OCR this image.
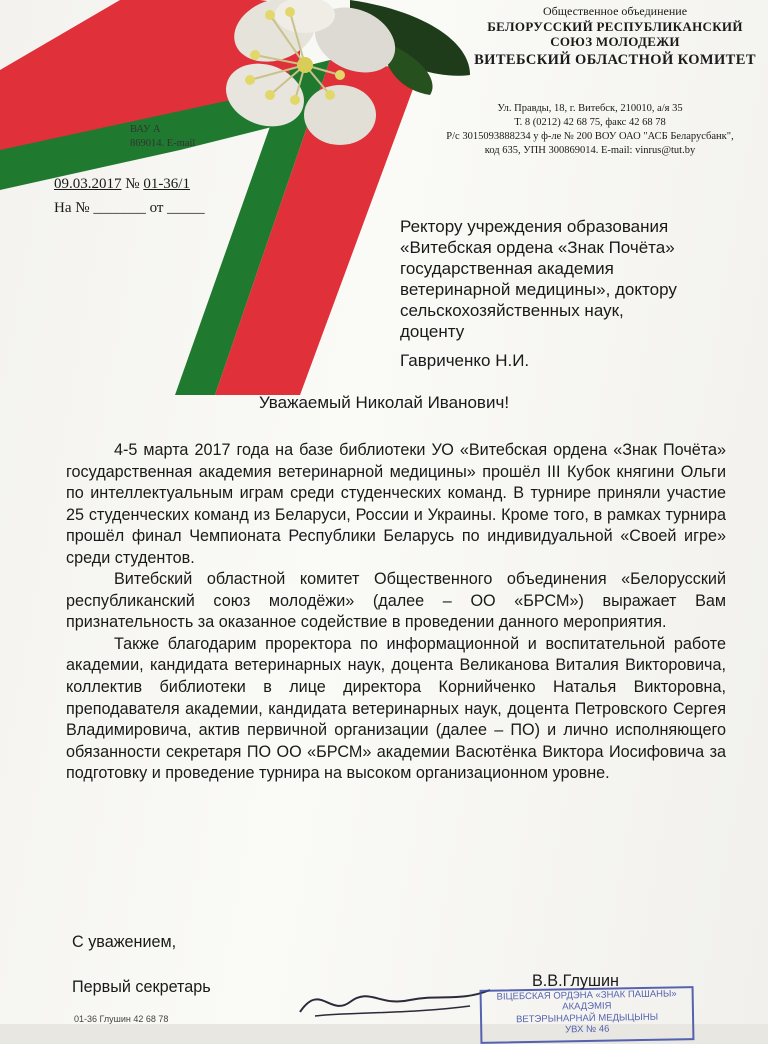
Общественное объединение
БЕЛОРУССКИЙ РЕСПУБЛИКАНСКИЙ
СОЮЗ МОЛОДЕЖИ
ВИТЕБСКИЙ ОБЛАСТНОЙ КОМИТЕТ
Ул. Правды, 18, г. Витебск, 210010, а/я 35
Т. 8 (0212) 42 68 75, факс 42 68 78
Р/с 3015093888234 у ф-ле № 200 ВОУ ОАО "АСБ Беларусбанк",
код 635, УПН 300869014. E-mail: vinrus@tut.by
ВАУ А
869014. E-mail
09.03.2017 № 01-36/1
На № _______ от _____
Ректору учреждения образования
«Витебская ордена «Знак Почёта»
государственная академия
ветеринарной медицины», доктору
сельскохозяйственных наук,
доценту
Гавриченко Н.И.
Уважаемый Николай Иванович!

4-5 марта 2017 года на базе библиотеки УО «Витебская ордена «Знак Почёта» государственная академия ветеринарной медицины» прошёл III Кубок княгини Ольги по интеллектуальным играм среди студенческих команд. В турнире приняли участие 25 студенческих команд из Беларуси, России и Украины. Кроме того, в рамках турнира прошёл финал Чемпионата Республики Беларусь по индивидуальной «Своей игре» среди студентов.

Витебский областной комитет Общественного объединения «Белорусский республиканский союз молодёжи» (далее – ОО «БРСМ») выражает Вам признательность за оказанное содействие в проведении данного мероприятия.

Также благодарим проректора по информационной и воспитательной работе академии, кандидата ветеринарных наук, доцента Великанова Виталия Викторовича, коллектив библиотеки в лице директора Корнийченко Наталья Викторовна, преподавателя академии, кандидата ветеринарных наук, доцента Петровского Сергея Владимировича, актив первичной организации (далее – ПО) и лично исполняющего обязанности секретаря ПО ОО «БРСМ» академии Васютёнка Виктора Иосифовича за подготовку и проведение турнира на высоком организационном уровне.

С уважением,
Первый секретарь	ВІЦЕБСКАЯ ОРДЭНА «ЗНАК ПАШАНЫ» АКАДЭМІЯ
ВЕТЭРЫНАРНАЙ МЕДЫЦЫНЫ
УВХ № 46
В.В.Глушин
01-36 Глушин 42 68 78
